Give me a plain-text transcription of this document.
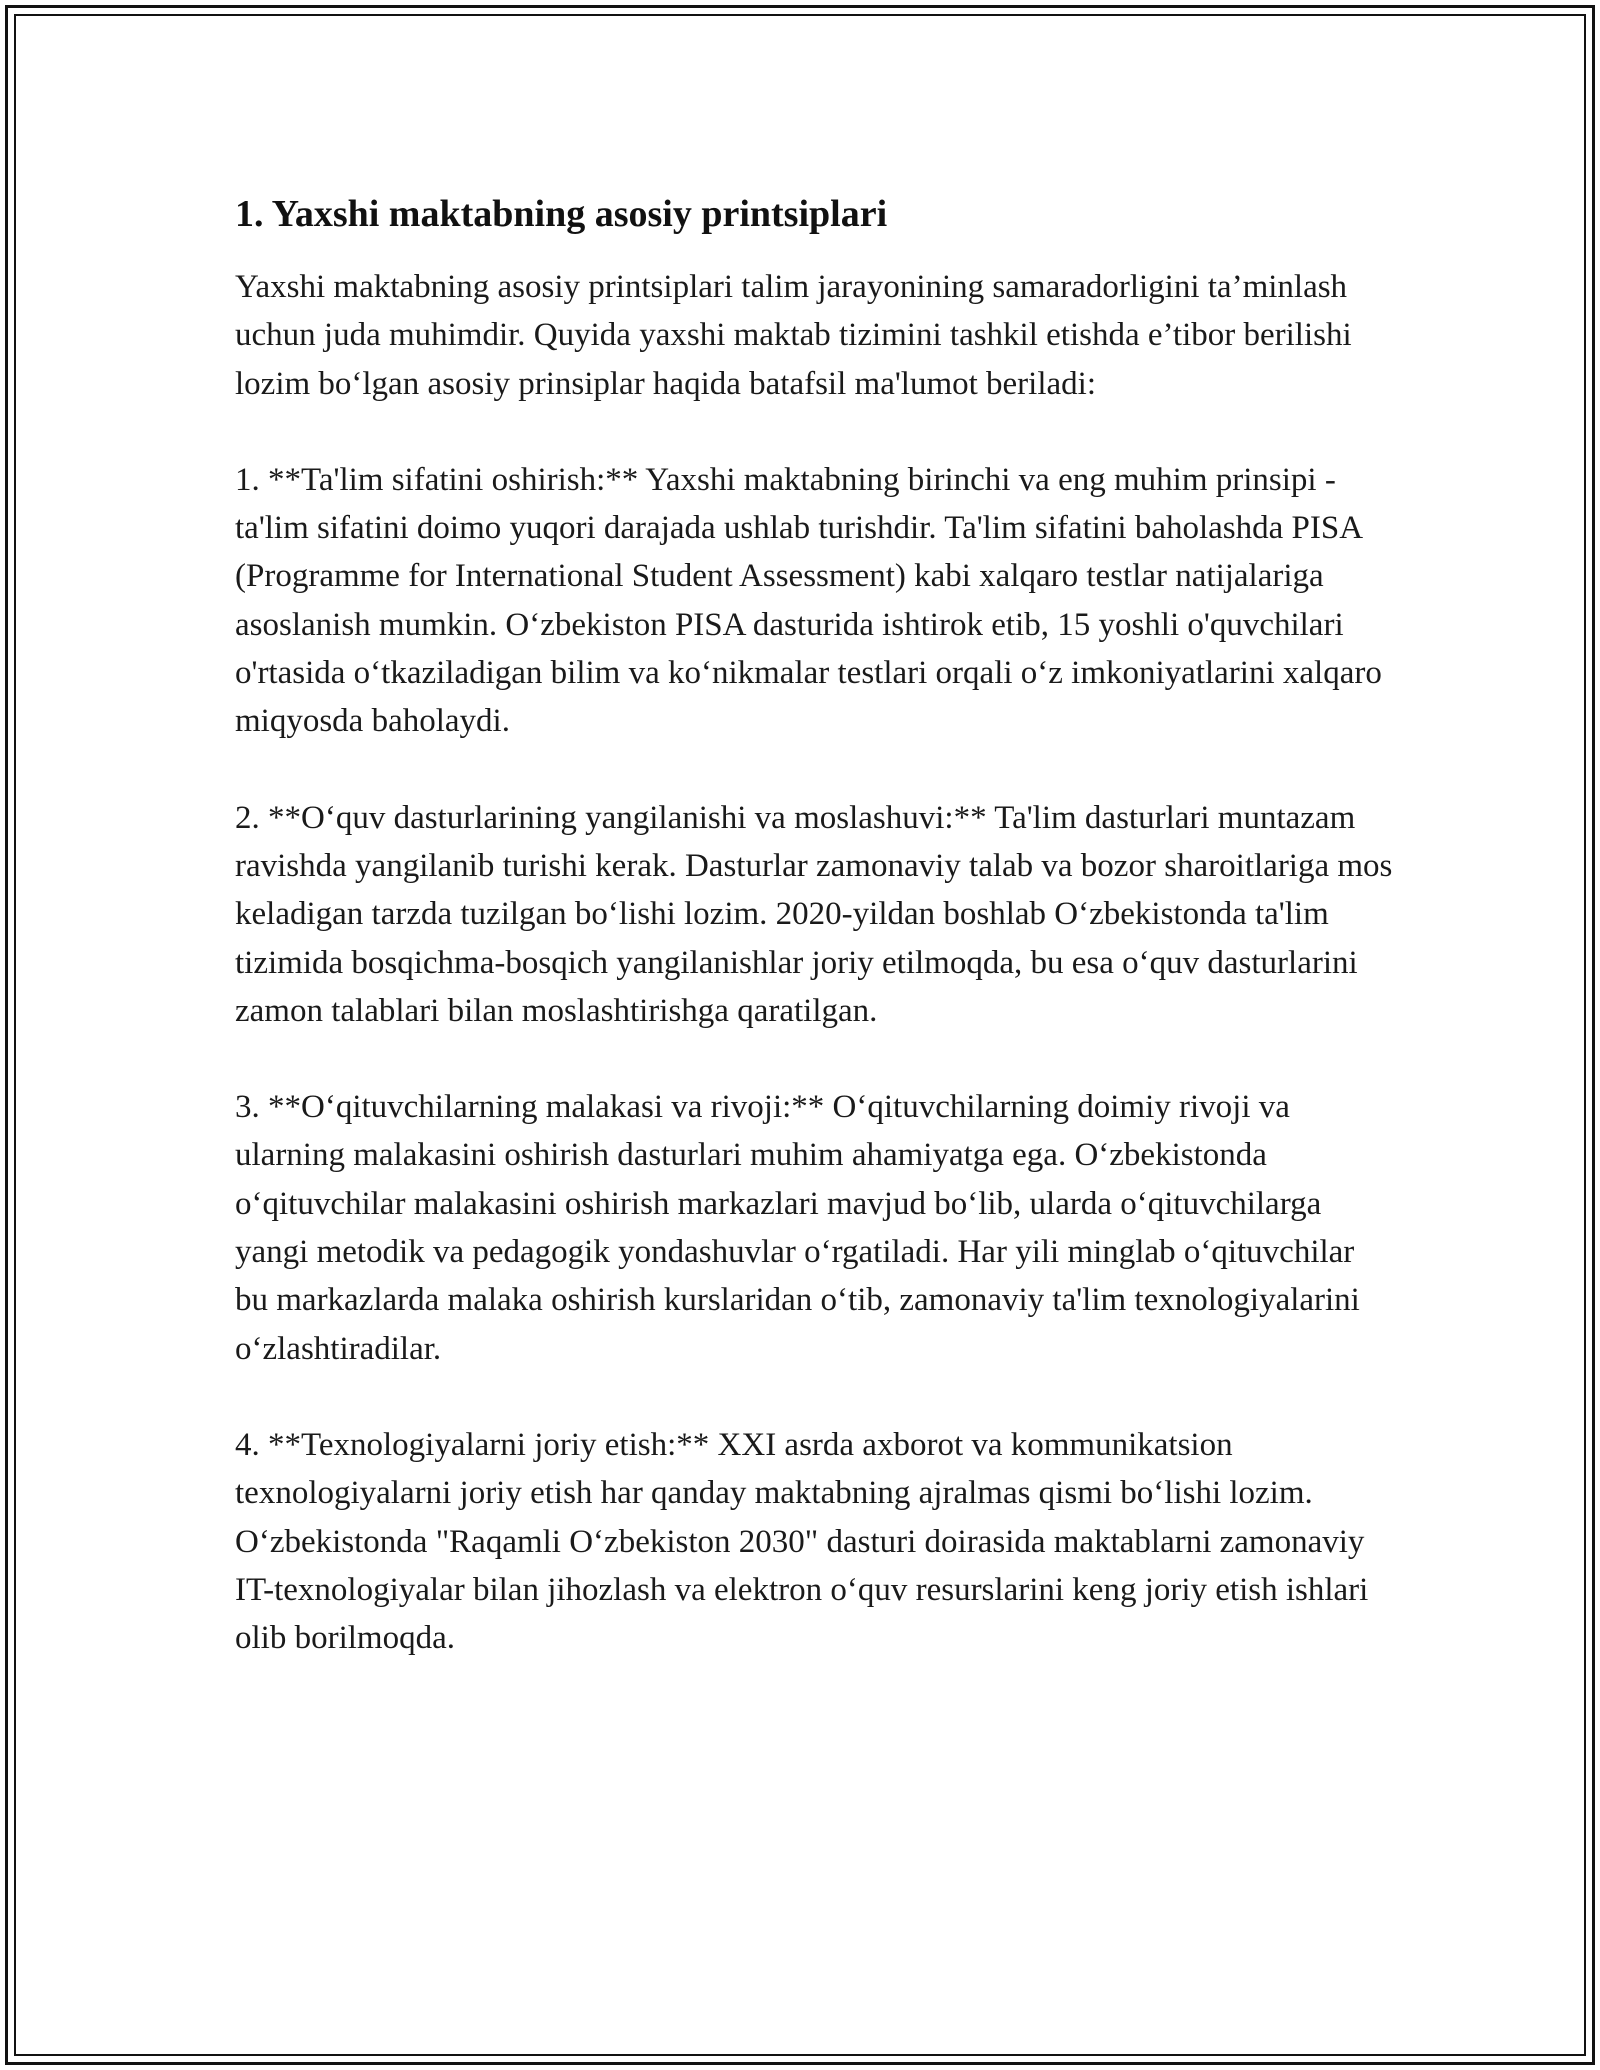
1. Yaxshi maktabning asosiy printsiplari

Yaxshi maktabning asosiy printsiplari talim jarayonining samaradorligini ta’minlash uchun juda muhimdir. Quyida yaxshi maktab tizimini tashkil etishda e’tibor berilishi lozim bo‘lgan asosiy prinsiplar haqida batafsil ma'lumot beriladi:

1. **Ta'lim sifatini oshirish:** Yaxshi maktabning birinchi va eng muhim prinsipi - ta'lim sifatini doimo yuqori darajada ushlab turishdir. Ta'lim sifatini baholashda PISA (Programme for International Student Assessment) kabi xalqaro testlar natijalariga asoslanish mumkin. O‘zbekiston PISA dasturida ishtirok etib, 15 yoshli o'quvchilari o'rtasida o‘tkaziladigan bilim va ko‘nikmalar testlari orqali o‘z imkoniyatlarini xalqaro miqyosda baholaydi.

2. **O‘quv dasturlarining yangilanishi va moslashuvi:** Ta'lim dasturlari muntazam ravishda yangilanib turishi kerak. Dasturlar zamonaviy talab va bozor sharoitlariga mos keladigan tarzda tuzilgan bo‘lishi lozim. 2020-yildan boshlab O‘zbekistonda ta'lim tizimida bosqichma-bosqich yangilanishlar joriy etilmoqda, bu esa o‘quv dasturlarini zamon talablari bilan moslashtirishga qaratilgan.

3. **O‘qituvchilarning malakasi va rivoji:** O‘qituvchilarning doimiy rivoji va ularning malakasini oshirish dasturlari muhim ahamiyatga ega. O‘zbekistonda o‘qituvchilar malakasini oshirish markazlari mavjud bo‘lib, ularda o‘qituvchilarga yangi metodik va pedagogik yondashuvlar o‘rgatiladi. Har yili minglab o‘qituvchilar bu markazlarda malaka oshirish kurslaridan o‘tib, zamonaviy ta'lim texnologiyalarini o‘zlashtiradilar.

4. **Texnologiyalarni joriy etish:** XXI asrda axborot va kommunikatsion texnologiyalarni joriy etish har qanday maktabning ajralmas qismi bo‘lishi lozim. O‘zbekistonda "Raqamli O‘zbekiston 2030" dasturi doirasida maktablarni zamonaviy IT-texnologiyalar bilan jihozlash va elektron o‘quv resurslarini keng joriy etish ishlari olib borilmoqda.
